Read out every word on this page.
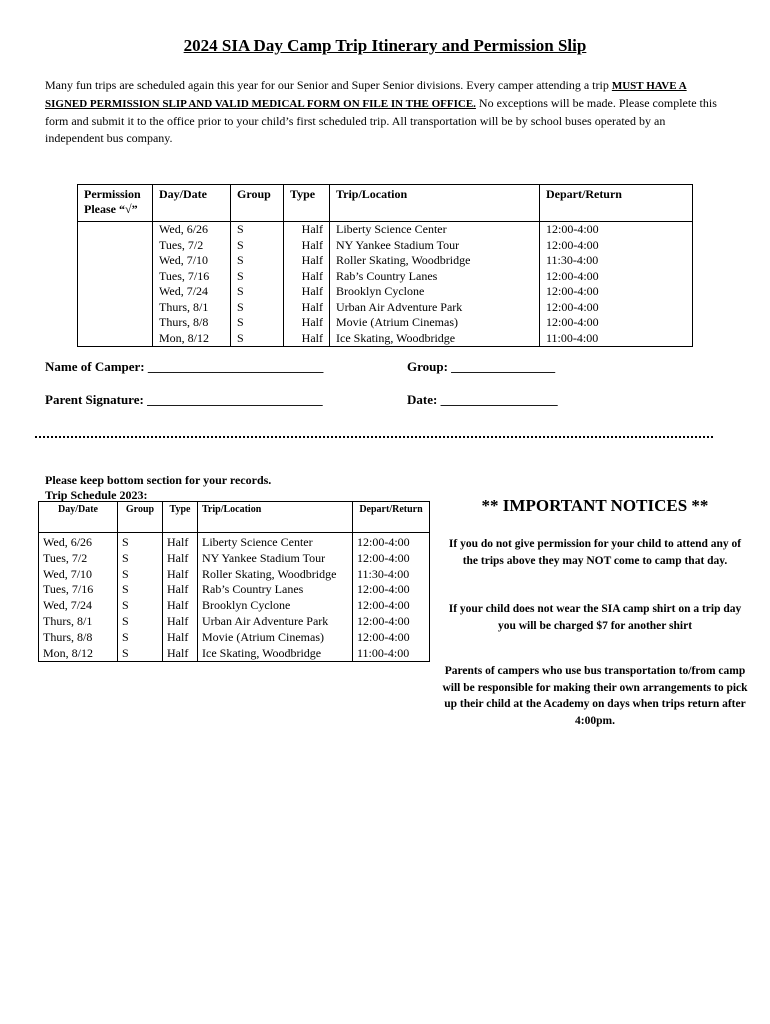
2024 SIA Day Camp Trip Itinerary and Permission Slip
Many fun trips are scheduled again this year for our Senior and Super Senior divisions. Every camper attending a trip MUST HAVE A SIGNED PERMISSION SLIP AND VALID MEDICAL FORM ON FILE IN THE OFFICE. No exceptions will be made. Please complete this form and submit it to the office prior to your child’s first scheduled trip. All transportation will be by school buses operated by an independent bus company.
Permission Please “√”	Day/Date	Group	Type	Trip/Location	Depart/Return
	Wed, 6/26	S	Half	Liberty Science Center	12:00-4:00
	Tues, 7/2	S	Half	NY Yankee Stadium Tour	12:00-4:00
	Wed, 7/10	S	Half	Roller Skating, Woodbridge	11:30-4:00
	Tues, 7/16	S	Half	Rab’s Country Lanes	12:00-4:00
	Wed, 7/24	S	Half	Brooklyn Cyclone	12:00-4:00
	Thurs, 8/1	S	Half	Urban Air Adventure Park	12:00-4:00
	Thurs, 8/8	S	Half	Movie (Atrium Cinemas)	12:00-4:00
	Mon, 8/12	S	Half	Ice Skating, Woodbridge	11:00-4:00
Name of Camper: ___________________________	Group: ________________
Parent Signature: ___________________________	Date: __________________
Please keep bottom section for your records.
Trip Schedule 2023:
Day/Date	Group	Type	Trip/Location	Depart/Return
Wed, 6/26	S	Half	Liberty Science Center	12:00-4:00
Tues, 7/2	S	Half	NY Yankee Stadium Tour	12:00-4:00
Wed, 7/10	S	Half	Roller Skating, Woodbridge	11:30-4:00
Tues, 7/16	S	Half	Rab’s Country Lanes	12:00-4:00
Wed, 7/24	S	Half	Brooklyn Cyclone	12:00-4:00
Thurs, 8/1	S	Half	Urban Air Adventure Park	12:00-4:00
Thurs, 8/8	S	Half	Movie (Atrium Cinemas)	12:00-4:00
Mon, 8/12	S	Half	Ice Skating, Woodbridge	11:00-4:00
** IMPORTANT NOTICES **
If you do not give permission for your child to attend any of the trips above they may NOT come to camp that day.
If your child does not wear the SIA camp shirt on a trip day you will be charged $7 for another shirt
Parents of campers who use bus transportation to/from camp will be responsible for making their own arrangements to pick up their child at the Academy on days when trips return after 4:00pm.
